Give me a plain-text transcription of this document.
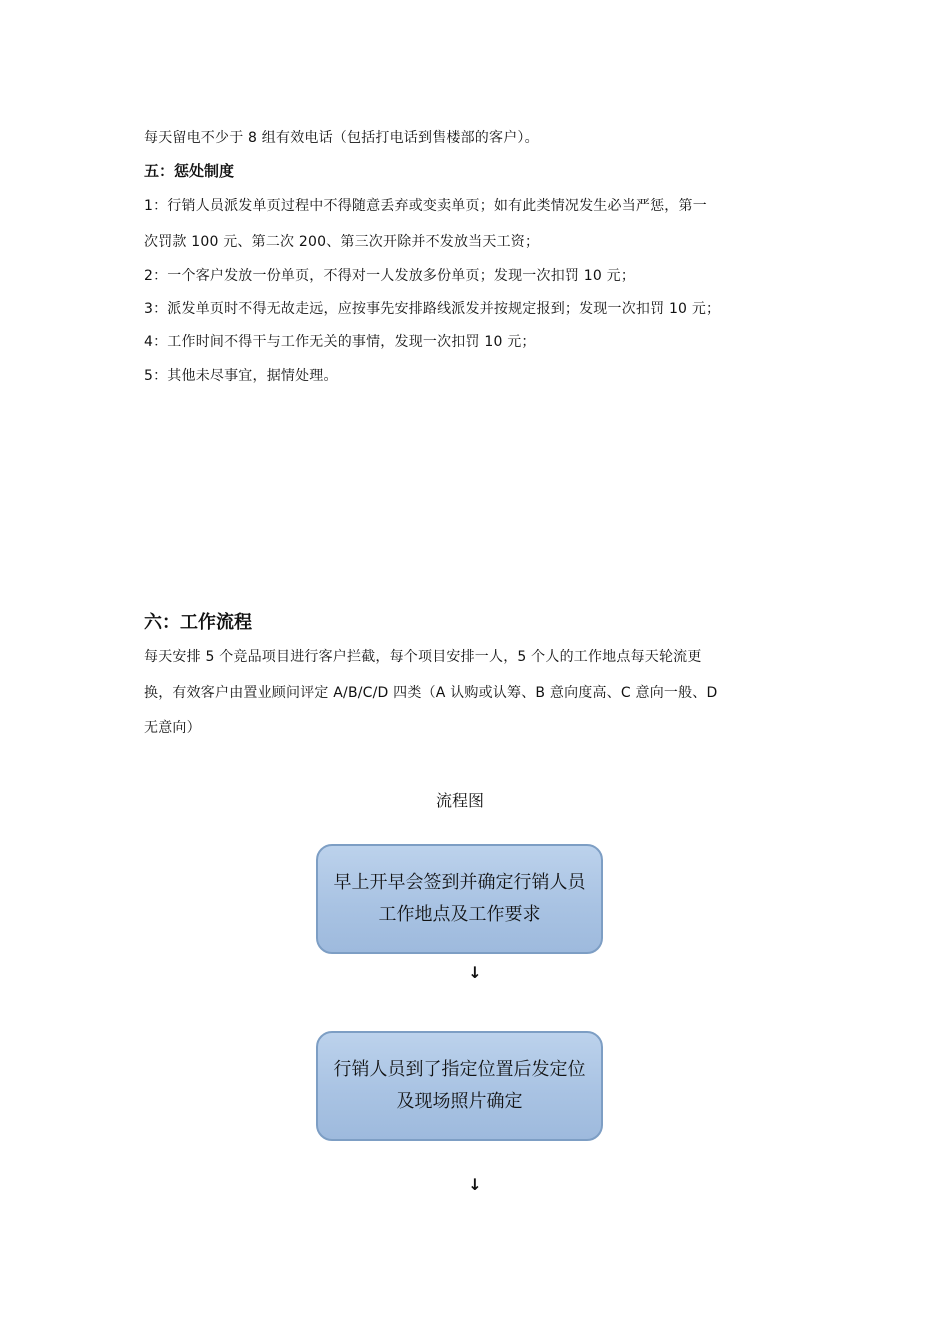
每天留电不少于 8 组有效电话（包括打电话到售楼部的客户）。
五：惩处制度
1：行销人员派发单页过程中不得随意丢弃或变卖单页；如有此类情况发生必当严惩，第一
次罚款 100 元、第二次 200、第三次开除并不发放当天工资；
2：一个客户发放一份单页，不得对一人发放多份单页；发现一次扣罚 10 元；
3：派发单页时不得无故走远，应按事先安排路线派发并按规定报到；发现一次扣罚 10 元；
4：工作时间不得干与工作无关的事情，发现一次扣罚 10 元；
5：其他未尽事宜，据情处理。
六：工作流程
每天安排 5 个竞品项目进行客户拦截，每个项目安排一人，5 个人的工作地点每天轮流更
换，有效客户由置业顾问评定 A/B/C/D 四类（A 认购或认筹、B 意向度高、C 意向一般、D
无意向）
流程图
早上开早会签到并确定行销人员工作地点及工作要求
↓
行销人员到了指定位置后发定位及现场照片确定
↓
